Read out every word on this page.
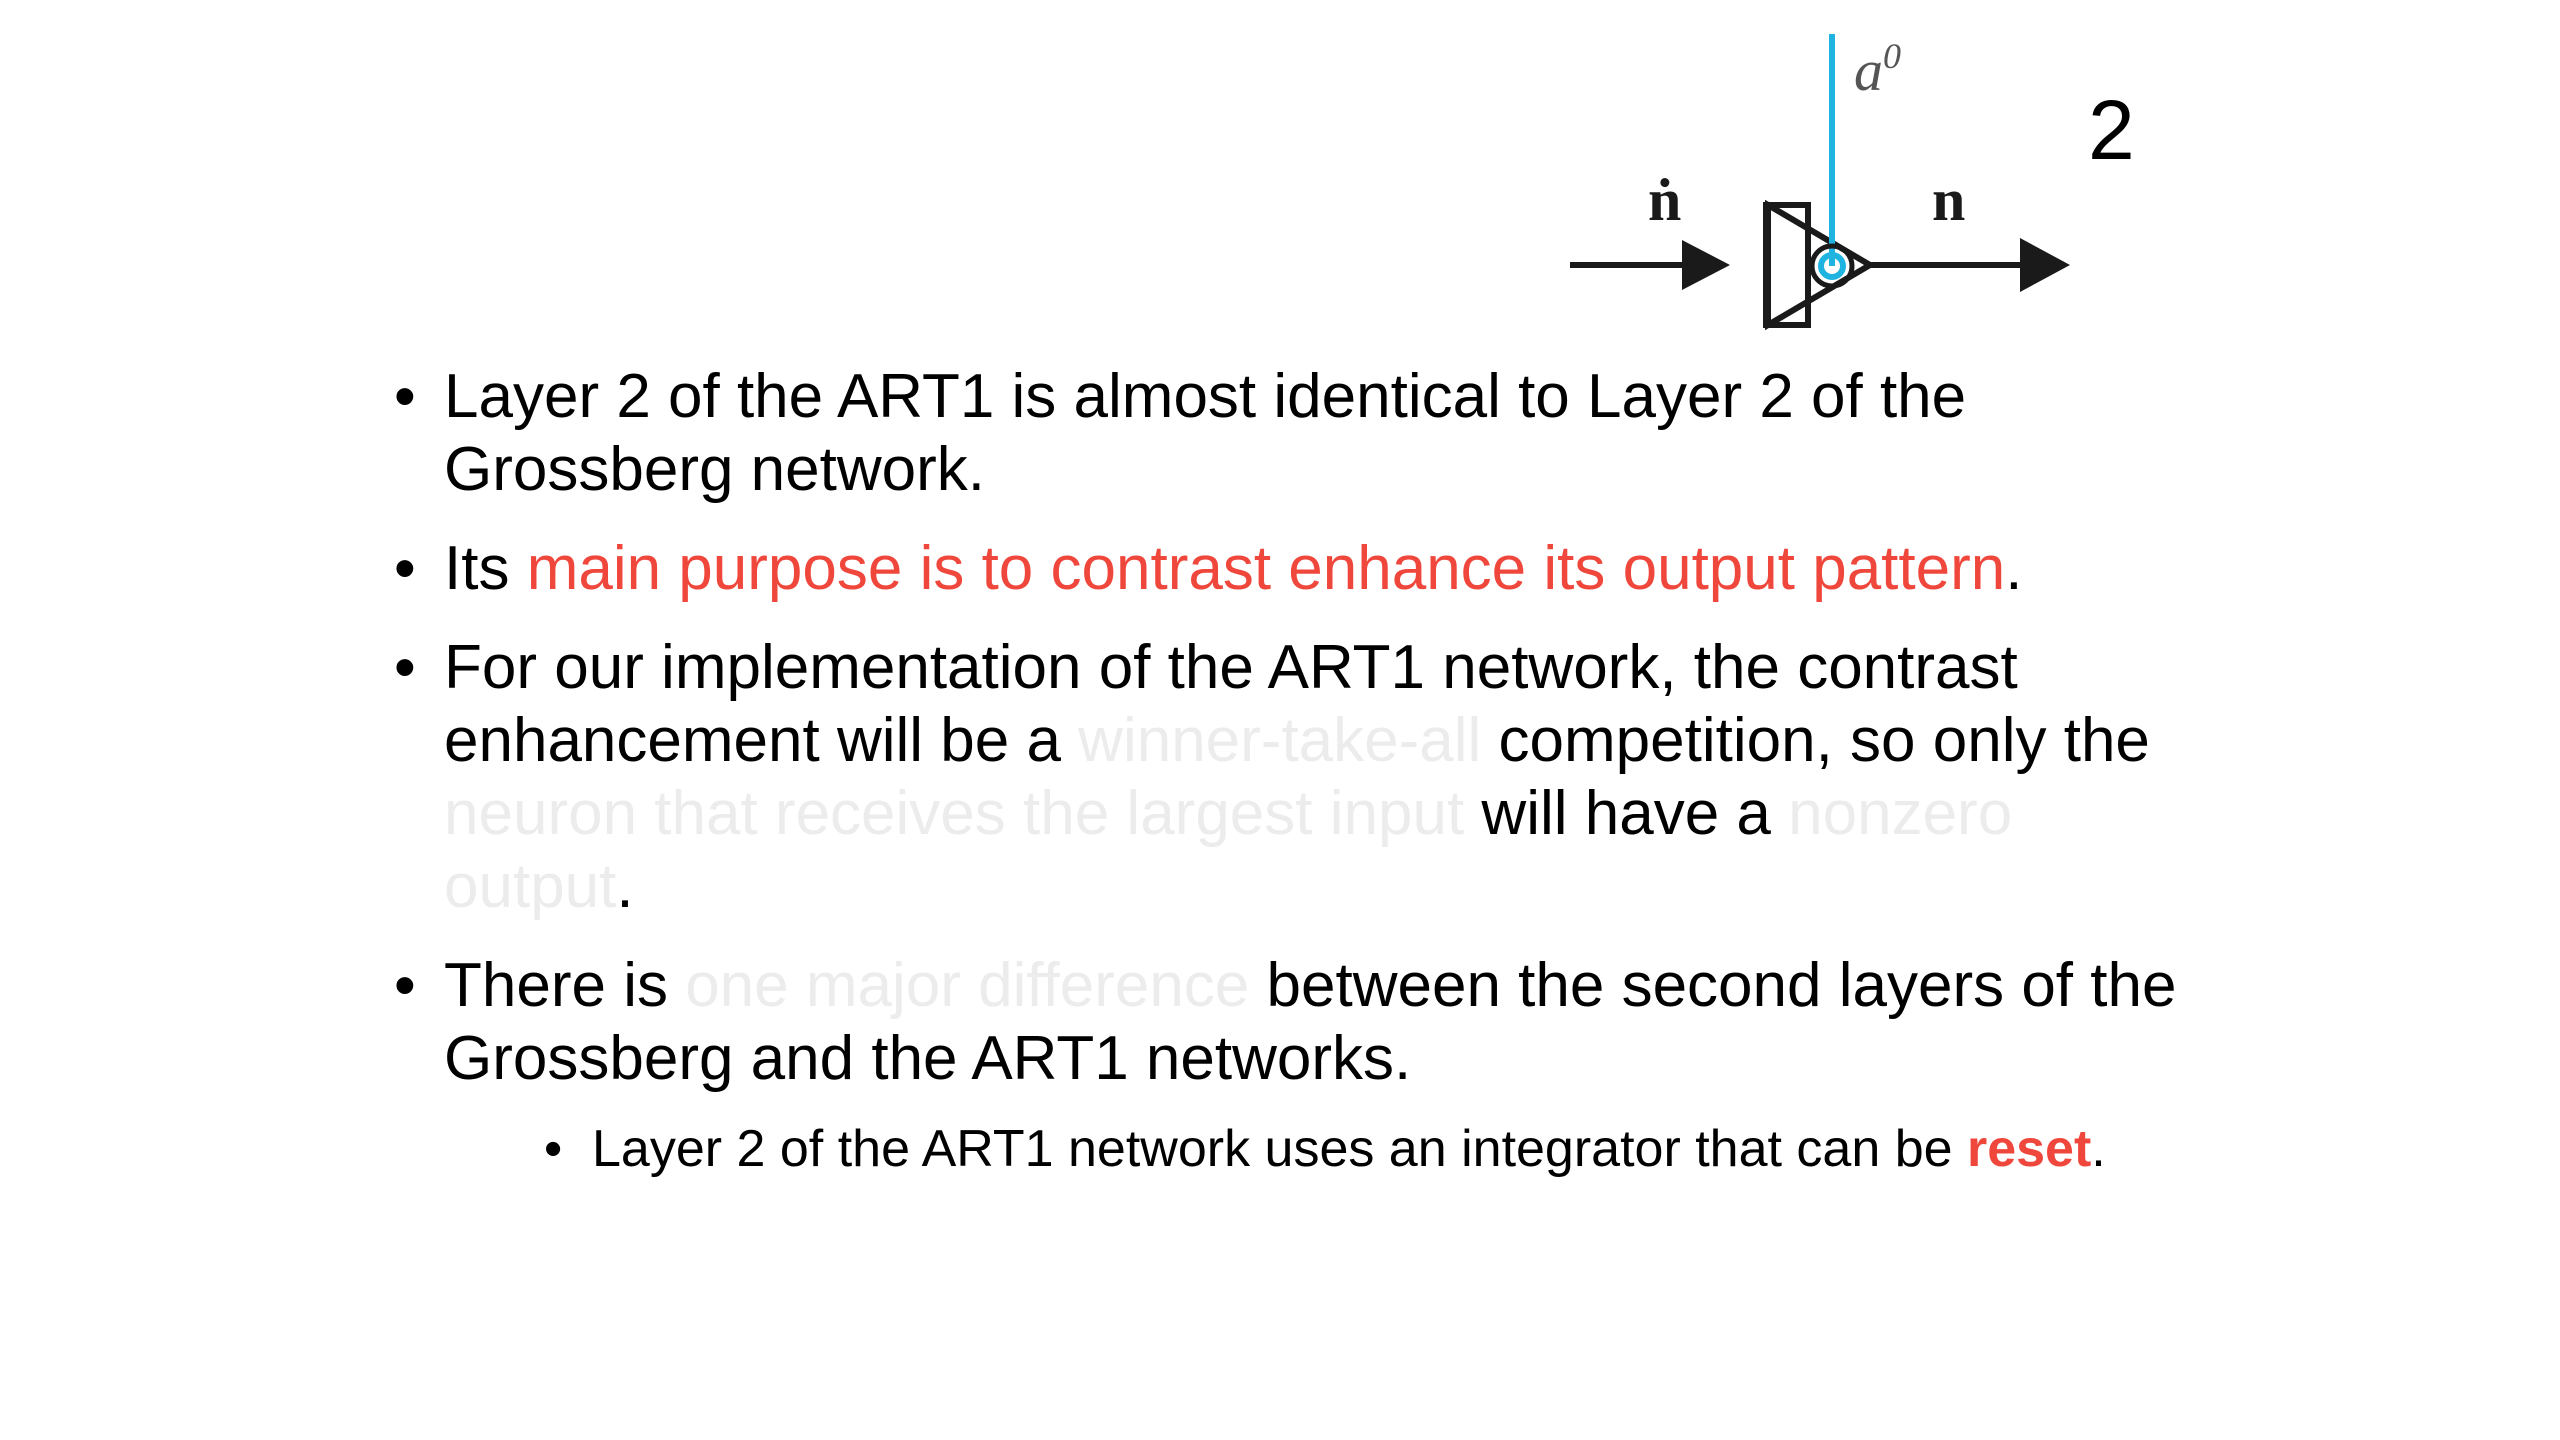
ṅ	n
$a^0$
2
• Layer 2 of the ART1 is almost identical to Layer 2 of the Grossberg network.
• Its main purpose is to contrast enhance its output pattern.
• For our implementation of the ART1 network, the contrast enhancement will be a winner-take-all competition, so only the neuron that receives the largest input will have a nonzero output.
• There is one major difference between the second layers of the Grossberg and the ART1 networks.
• Layer 2 of the ART1 network uses an integrator that can be reset.
